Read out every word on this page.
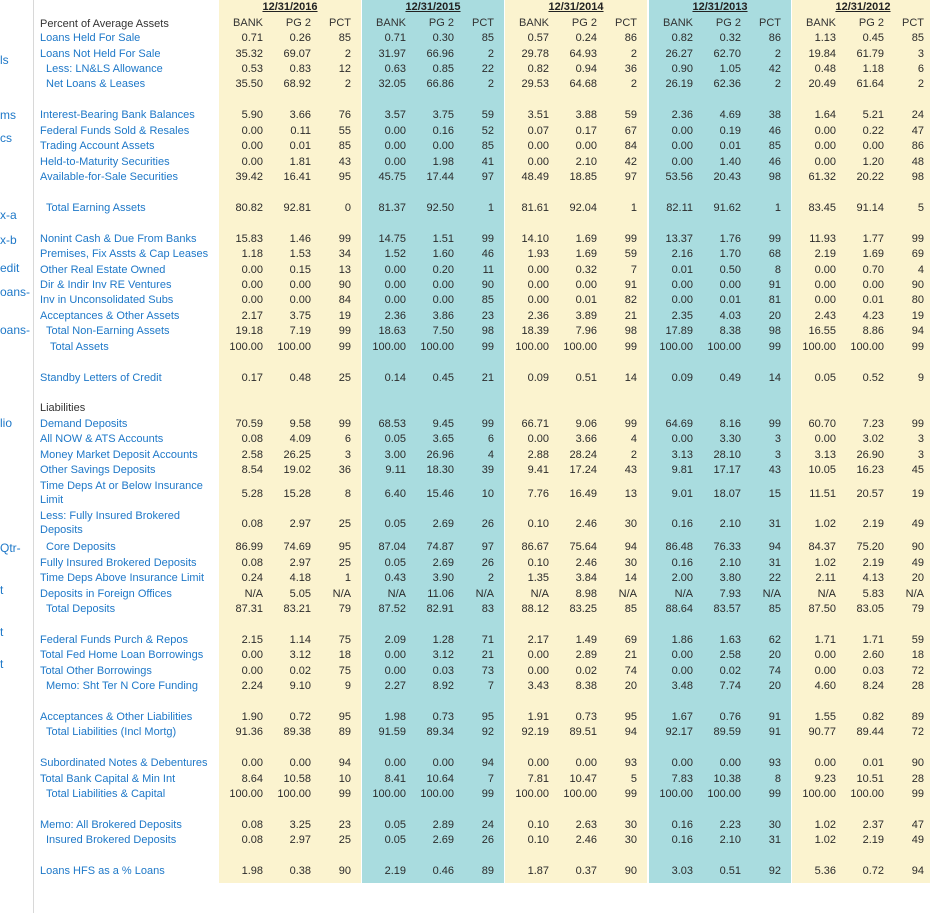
ls
ms
cs
x-a
x-b
edit
oans-
oans-
lio
Qtr-
t
t
t
Percent of Average Assets
12/31/2016
BANK	PG 2	PCT
12/31/2015
BANK	PG 2	PCT
12/31/2014
BANK	PG 2	PCT
12/31/2013
BANK	PG 2	PCT
12/31/2012
BANK	PG 2	PCT
Loans Held For Sale	0.71	0.26	85	0.71	0.30	85	0.57	0.24	86	0.82	0.32	86	1.13	0.45	85
Loans Not Held For Sale	35.32	69.07	2	31.97	66.96	2	29.78	64.93	2	26.27	62.70	2	19.84	61.79	3
Less: LN&LS Allowance	0.53	0.83	12	0.63	0.85	22	0.82	0.94	36	0.90	1.05	42	0.48	1.18	6
Net Loans & Leases	35.50	68.92	2	32.05	66.86	2	29.53	64.68	2	26.19	62.36	2	20.49	61.64	2
Interest-Bearing Bank Balances	5.90	3.66	76	3.57	3.75	59	3.51	3.88	59	2.36	4.69	38	1.64	5.21	24
Federal Funds Sold & Resales	0.00	0.11	55	0.00	0.16	52	0.07	0.17	67	0.00	0.19	46	0.00	0.22	47
Trading Account Assets	0.00	0.01	85	0.00	0.00	85	0.00	0.00	84	0.00	0.01	85	0.00	0.00	86
Held-to-Maturity Securities	0.00	1.81	43	0.00	1.98	41	0.00	2.10	42	0.00	1.40	46	0.00	1.20	48
Available-for-Sale Securities	39.42	16.41	95	45.75	17.44	97	48.49	18.85	97	53.56	20.43	98	61.32	20.22	98
Total Earning Assets	80.82	92.81	0	81.37	92.50	1	81.61	92.04	1	82.11	91.62	1	83.45	91.14	5
Nonint Cash & Due From Banks	15.83	1.46	99	14.75	1.51	99	14.10	1.69	99	13.37	1.76	99	11.93	1.77	99
Premises, Fix Assts & Cap Leases	1.18	1.53	34	1.52	1.60	46	1.93	1.69	59	2.16	1.70	68	2.19	1.69	69
Other Real Estate Owned	0.00	0.15	13	0.00	0.20	11	0.00	0.32	7	0.01	0.50	8	0.00	0.70	4
Dir & Indir Inv RE Ventures	0.00	0.00	90	0.00	0.00	90	0.00	0.00	91	0.00	0.00	91	0.00	0.00	90
Inv in Unconsolidated Subs	0.00	0.00	84	0.00	0.00	85	0.00	0.01	82	0.00	0.01	81	0.00	0.01	80
Acceptances & Other Assets	2.17	3.75	19	2.36	3.86	23	2.36	3.89	21	2.35	4.03	20	2.43	4.23	19
Total Non-Earning Assets	19.18	7.19	99	18.63	7.50	98	18.39	7.96	98	17.89	8.38	98	16.55	8.86	94
Total Assets	100.00	100.00	99	100.00	100.00	99	100.00	100.00	99	100.00	100.00	99	100.00	100.00	99
Standby Letters of Credit	0.17	0.48	25	0.14	0.45	21	0.09	0.51	14	0.09	0.49	14	0.05	0.52	9
Liabilities
Demand Deposits	70.59	9.58	99	68.53	9.45	99	66.71	9.06	99	64.69	8.16	99	60.70	7.23	99
All NOW & ATS Accounts	0.08	4.09	6	0.05	3.65	6	0.00	3.66	4	0.00	3.30	3	0.00	3.02	3
Money Market Deposit Accounts	2.58	26.25	3	3.00	26.96	4	2.88	28.24	2	3.13	28.10	3	3.13	26.90	3
Other Savings Deposits	8.54	19.02	36	9.11	18.30	39	9.41	17.24	43	9.81	17.17	43	10.05	16.23	45
Time Deps At or Below Insurance Limit	5.28	15.28	8	6.40	15.46	10	7.76	16.49	13	9.01	18.07	15	11.51	20.57	19
Less: Fully Insured Brokered Deposits	0.08	2.97	25	0.05	2.69	26	0.10	2.46	30	0.16	2.10	31	1.02	2.19	49
Core Deposits	86.99	74.69	95	87.04	74.87	97	86.67	75.64	94	86.48	76.33	94	84.37	75.20	90
Fully Insured Brokered Deposits	0.08	2.97	25	0.05	2.69	26	0.10	2.46	30	0.16	2.10	31	1.02	2.19	49
Time Deps Above Insurance Limit	0.24	4.18	1	0.43	3.90	2	1.35	3.84	14	2.00	3.80	22	2.11	4.13	20
Deposits in Foreign Offices	N/A	5.05	N/A	N/A	11.06	N/A	N/A	8.98	N/A	N/A	7.93	N/A	N/A	5.83	N/A
Total Deposits	87.31	83.21	79	87.52	82.91	83	88.12	83.25	85	88.64	83.57	85	87.50	83.05	79
Federal Funds Purch & Repos	2.15	1.14	75	2.09	1.28	71	2.17	1.49	69	1.86	1.63	62	1.71	1.71	59
Total Fed Home Loan Borrowings	0.00	3.12	18	0.00	3.12	21	0.00	2.89	21	0.00	2.58	20	0.00	2.60	18
Total Other Borrowings	0.00	0.02	75	0.00	0.03	73	0.00	0.02	74	0.00	0.02	74	0.00	0.03	72
Memo: Sht Ter N Core Funding	2.24	9.10	9	2.27	8.92	7	3.43	8.38	20	3.48	7.74	20	4.60	8.24	28
Acceptances & Other Liabilities	1.90	0.72	95	1.98	0.73	95	1.91	0.73	95	1.67	0.76	91	1.55	0.82	89
Total Liabilities (Incl Mortg)	91.36	89.38	89	91.59	89.34	92	92.19	89.51	94	92.17	89.59	91	90.77	89.44	72
Subordinated Notes & Debentures	0.00	0.00	94	0.00	0.00	94	0.00	0.00	93	0.00	0.00	93	0.00	0.01	90
Total Bank Capital & Min Int	8.64	10.58	10	8.41	10.64	7	7.81	10.47	5	7.83	10.38	8	9.23	10.51	28
Total Liabilities & Capital	100.00	100.00	99	100.00	100.00	99	100.00	100.00	99	100.00	100.00	99	100.00	100.00	99
Memo: All Brokered Deposits	0.08	3.25	23	0.05	2.89	24	0.10	2.63	30	0.16	2.23	30	1.02	2.37	47
Insured Brokered Deposits	0.08	2.97	25	0.05	2.69	26	0.10	2.46	30	0.16	2.10	31	1.02	2.19	49
Loans HFS as a % Loans	1.98	0.38	90	2.19	0.46	89	1.87	0.37	90	3.03	0.51	92	5.36	0.72	94
